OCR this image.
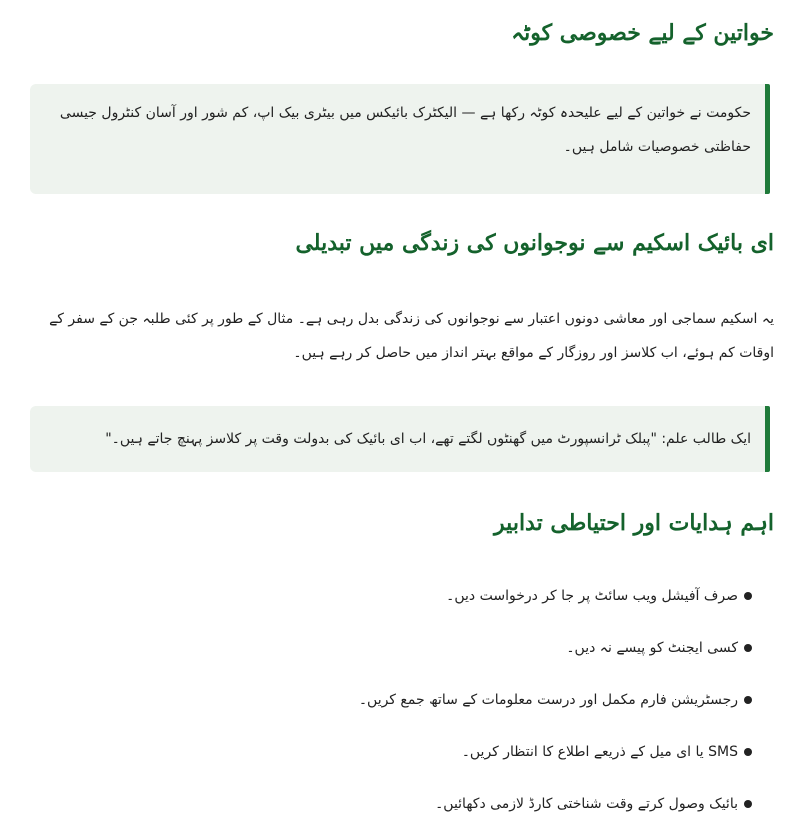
خواتین کے لیے خصوصی کوٹہ

حکومت نے خواتین کے لیے علیحدہ کوٹہ رکھا ہے — الیکٹرک بائیکس میں بیٹری بیک اپ، کم شور اور آسان کنٹرول جیسی حفاظتی خصوصیات شامل ہیں۔

ای بائیک اسکیم سے نوجوانوں کی زندگی میں تبدیلی

یہ اسکیم سماجی اور معاشی دونوں اعتبار سے نوجوانوں کی زندگی بدل رہی ہے۔ مثال کے طور پر کئی طلبہ جن کے سفر کے اوقات کم ہوئے، اب کلاسز اور روزگار کے مواقع بہتر انداز میں حاصل کر رہے ہیں۔

ایک طالب علم: "پبلک ٹرانسپورٹ میں گھنٹوں لگتے تھے، اب ای بائیک کی بدولت وقت پر کلاسز پہنچ جاتے ہیں۔"

اہم ہدایات اور احتیاطی تدابیر
صرف آفیشل ویب سائٹ پر جا کر درخواست دیں۔
کسی ایجنٹ کو پیسے نہ دیں۔
رجسٹریشن فارم مکمل اور درست معلومات کے ساتھ جمع کریں۔
SMS یا ای میل کے ذریعے اطلاع کا انتظار کریں۔
بائیک وصول کرتے وقت شناختی کارڈ لازمی دکھائیں۔
